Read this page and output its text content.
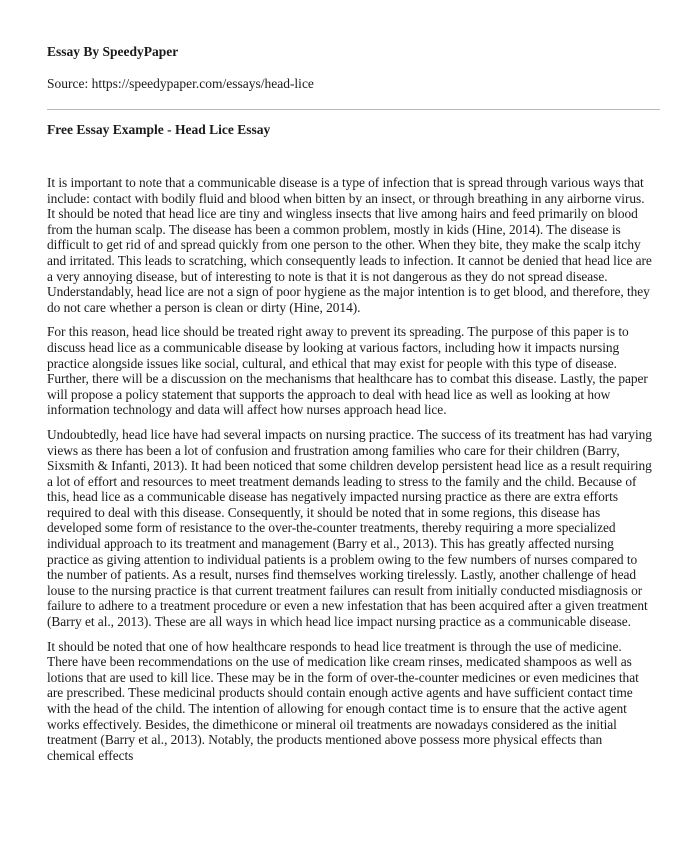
Essay By SpeedyPaper
Source: https://speedypaper.com/essays/head-lice
Free Essay Example - Head Lice Essay

It is important to note that a communicable disease is a type of infection that is spread through various ways that include: contact with bodily fluid and blood when bitten by an insect, or through breathing in any airborne virus. It should be noted that head lice are tiny and wingless insects that live among hairs and feed primarily on blood from the human scalp. The disease has been a common problem, mostly in kids (Hine, 2014). The disease is difficult to get rid of and spread quickly from one person to the other. When they bite, they make the scalp itchy and irritated. This leads to scratching, which consequently leads to infection. It cannot be denied that head lice are a very annoying disease, but of interesting to note is that it is not dangerous as they do not spread disease. Understandably, head lice are not a sign of poor hygiene as the major intention is to get blood, and therefore, they do not care whether a person is clean or dirty (Hine, 2014).

For this reason, head lice should be treated right away to prevent its spreading. The purpose of this paper is to discuss head lice as a communicable disease by looking at various factors, including how it impacts nursing practice alongside issues like social, cultural, and ethical that may exist for people with this type of disease. Further, there will be a discussion on the mechanisms that healthcare has to combat this disease. Lastly, the paper will propose a policy statement that supports the approach to deal with head lice as well as looking at how information technology and data will affect how nurses approach head lice.

Undoubtedly, head lice have had several impacts on nursing practice. The success of its treatment has had varying views as there has been a lot of confusion and frustration among families who care for their children (Barry, Sixsmith & Infanti, 2013). It had been noticed that some children develop persistent head lice as a result requiring a lot of effort and resources to meet treatment demands leading to stress to the family and the child. Because of this, head lice as a communicable disease has negatively impacted nursing practice as there are extra efforts required to deal with this disease. Consequently, it should be noted that in some regions, this disease has developed some form of resistance to the over-the-counter treatments, thereby requiring a more specialized individual approach to its treatment and management (Barry et al., 2013). This has greatly affected nursing practice as giving attention to individual patients is a problem owing to the few numbers of nurses compared to the number of patients. As a result, nurses find themselves working tirelessly. Lastly, another challenge of head louse to the nursing practice is that current treatment failures can result from initially conducted misdiagnosis or failure to adhere to a treatment procedure or even a new infestation that has been acquired after a given treatment (Barry et al., 2013). These are all ways in which head lice impact nursing practice as a communicable disease.

It should be noted that one of how healthcare responds to head lice treatment is through the use of medicine. There have been recommendations on the use of medication like cream rinses, medicated shampoos as well as lotions that are used to kill lice. These may be in the form of over-the-counter medicines or even medicines that are prescribed. These medicinal products should contain enough active agents and have sufficient contact time with the head of the child. The intention of allowing for enough contact time is to ensure that the active agent works effectively. Besides, the dimethicone or mineral oil treatments are nowadays considered as the initial treatment (Barry et al., 2013). Notably, the products mentioned above possess more physical effects than chemical effects
